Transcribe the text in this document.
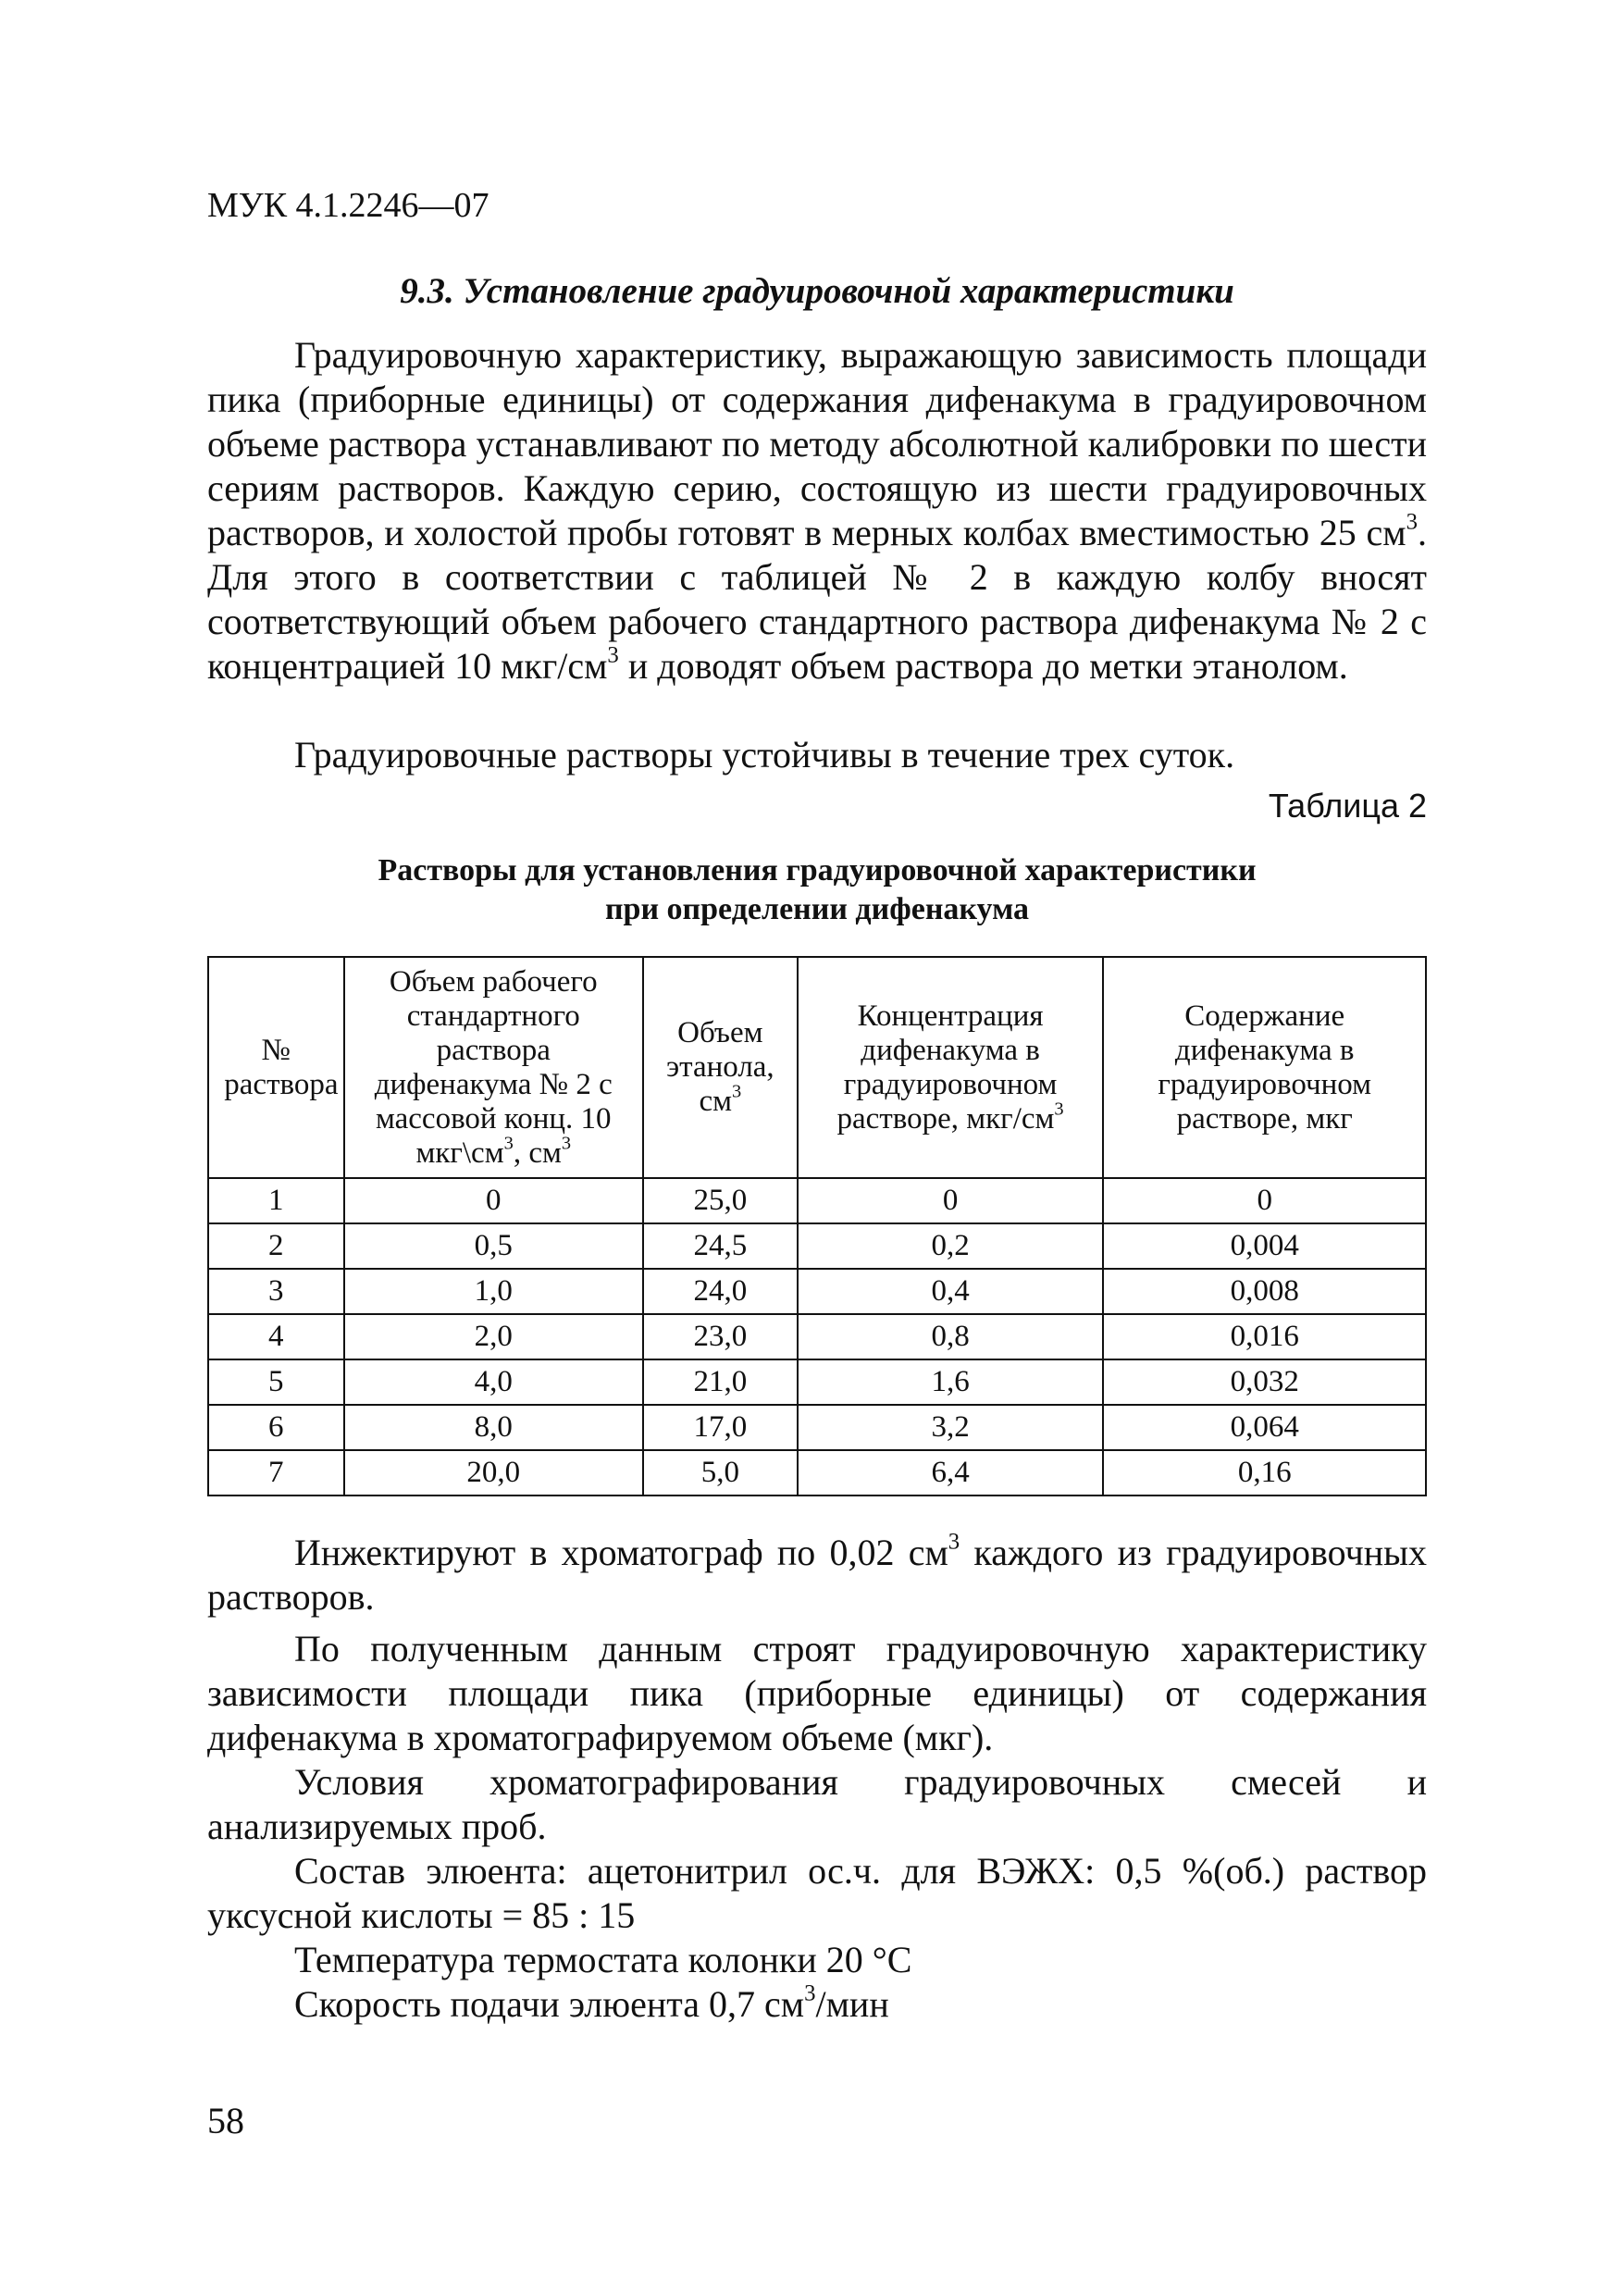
МУК 4.1.2246—07
9.3. Установление градуировочной характеристики

Градуировочную характеристику, выражающую зависимость площади пика (приборные единицы) от содержания дифенакума в градуировочном объеме раствора устанавливают по методу абсолютной калибровки по шести сериям растворов. Каждую серию, состоящую из шести градуировочных растворов, и холостой пробы готовят в мерных колбах вместимостью 25 $см^3$. Для этого в соответствии с таблицей № 2 в каждую колбу вносят соответствующий объем рабочего стандартного раствора дифенакума № 2 с концентрацией 10 мкг/$см^3$ и доводят объем раствора до метки этанолом.

Градуировочные растворы устойчивы в течение трех суток.

Таблица 2
Растворы для установления градуировочной характеристики
при определении дифенакума
№ раствора	Объем рабочего стандартного раствора дифенакума № 2 с массовой конц. 10 $мкг\backslash см^3$, $см^3$	Объем этанола, $см^3$	Концентрация дифенакума в градуировочном растворе, мкг/$см^3$	Содержание дифенакума в градуировочном растворе, мкг

1	0	25,0	0	0
2	0,5	24,5	0,2	0,004
3	1,0	24,0	0,4	0,008
4	2,0	23,0	0,8	0,016
5	4,0	21,0	1,6	0,032
6	8,0	17,0	3,2	0,064
7	20,0	5,0	6,4	0,16

Инжектируют в хроматограф по 0,02 $см^3$ каждого из градуировочных растворов.

По полученным данным строят градуировочную характеристику зависимости площади пика (приборные единицы) от содержания дифенакума в хроматографируемом объеме (мкг).

Условия хроматографирования градуировочных смесей и анализируемых проб.

Состав элюента: ацетонитрил ос.ч. для ВЭЖХ: 0,5 %(об.) раствор уксусной кислоты = 85 : 15

Температура термостата колонки 20 °С

Скорость подачи элюента 0,7 $см^3$/мин

58
